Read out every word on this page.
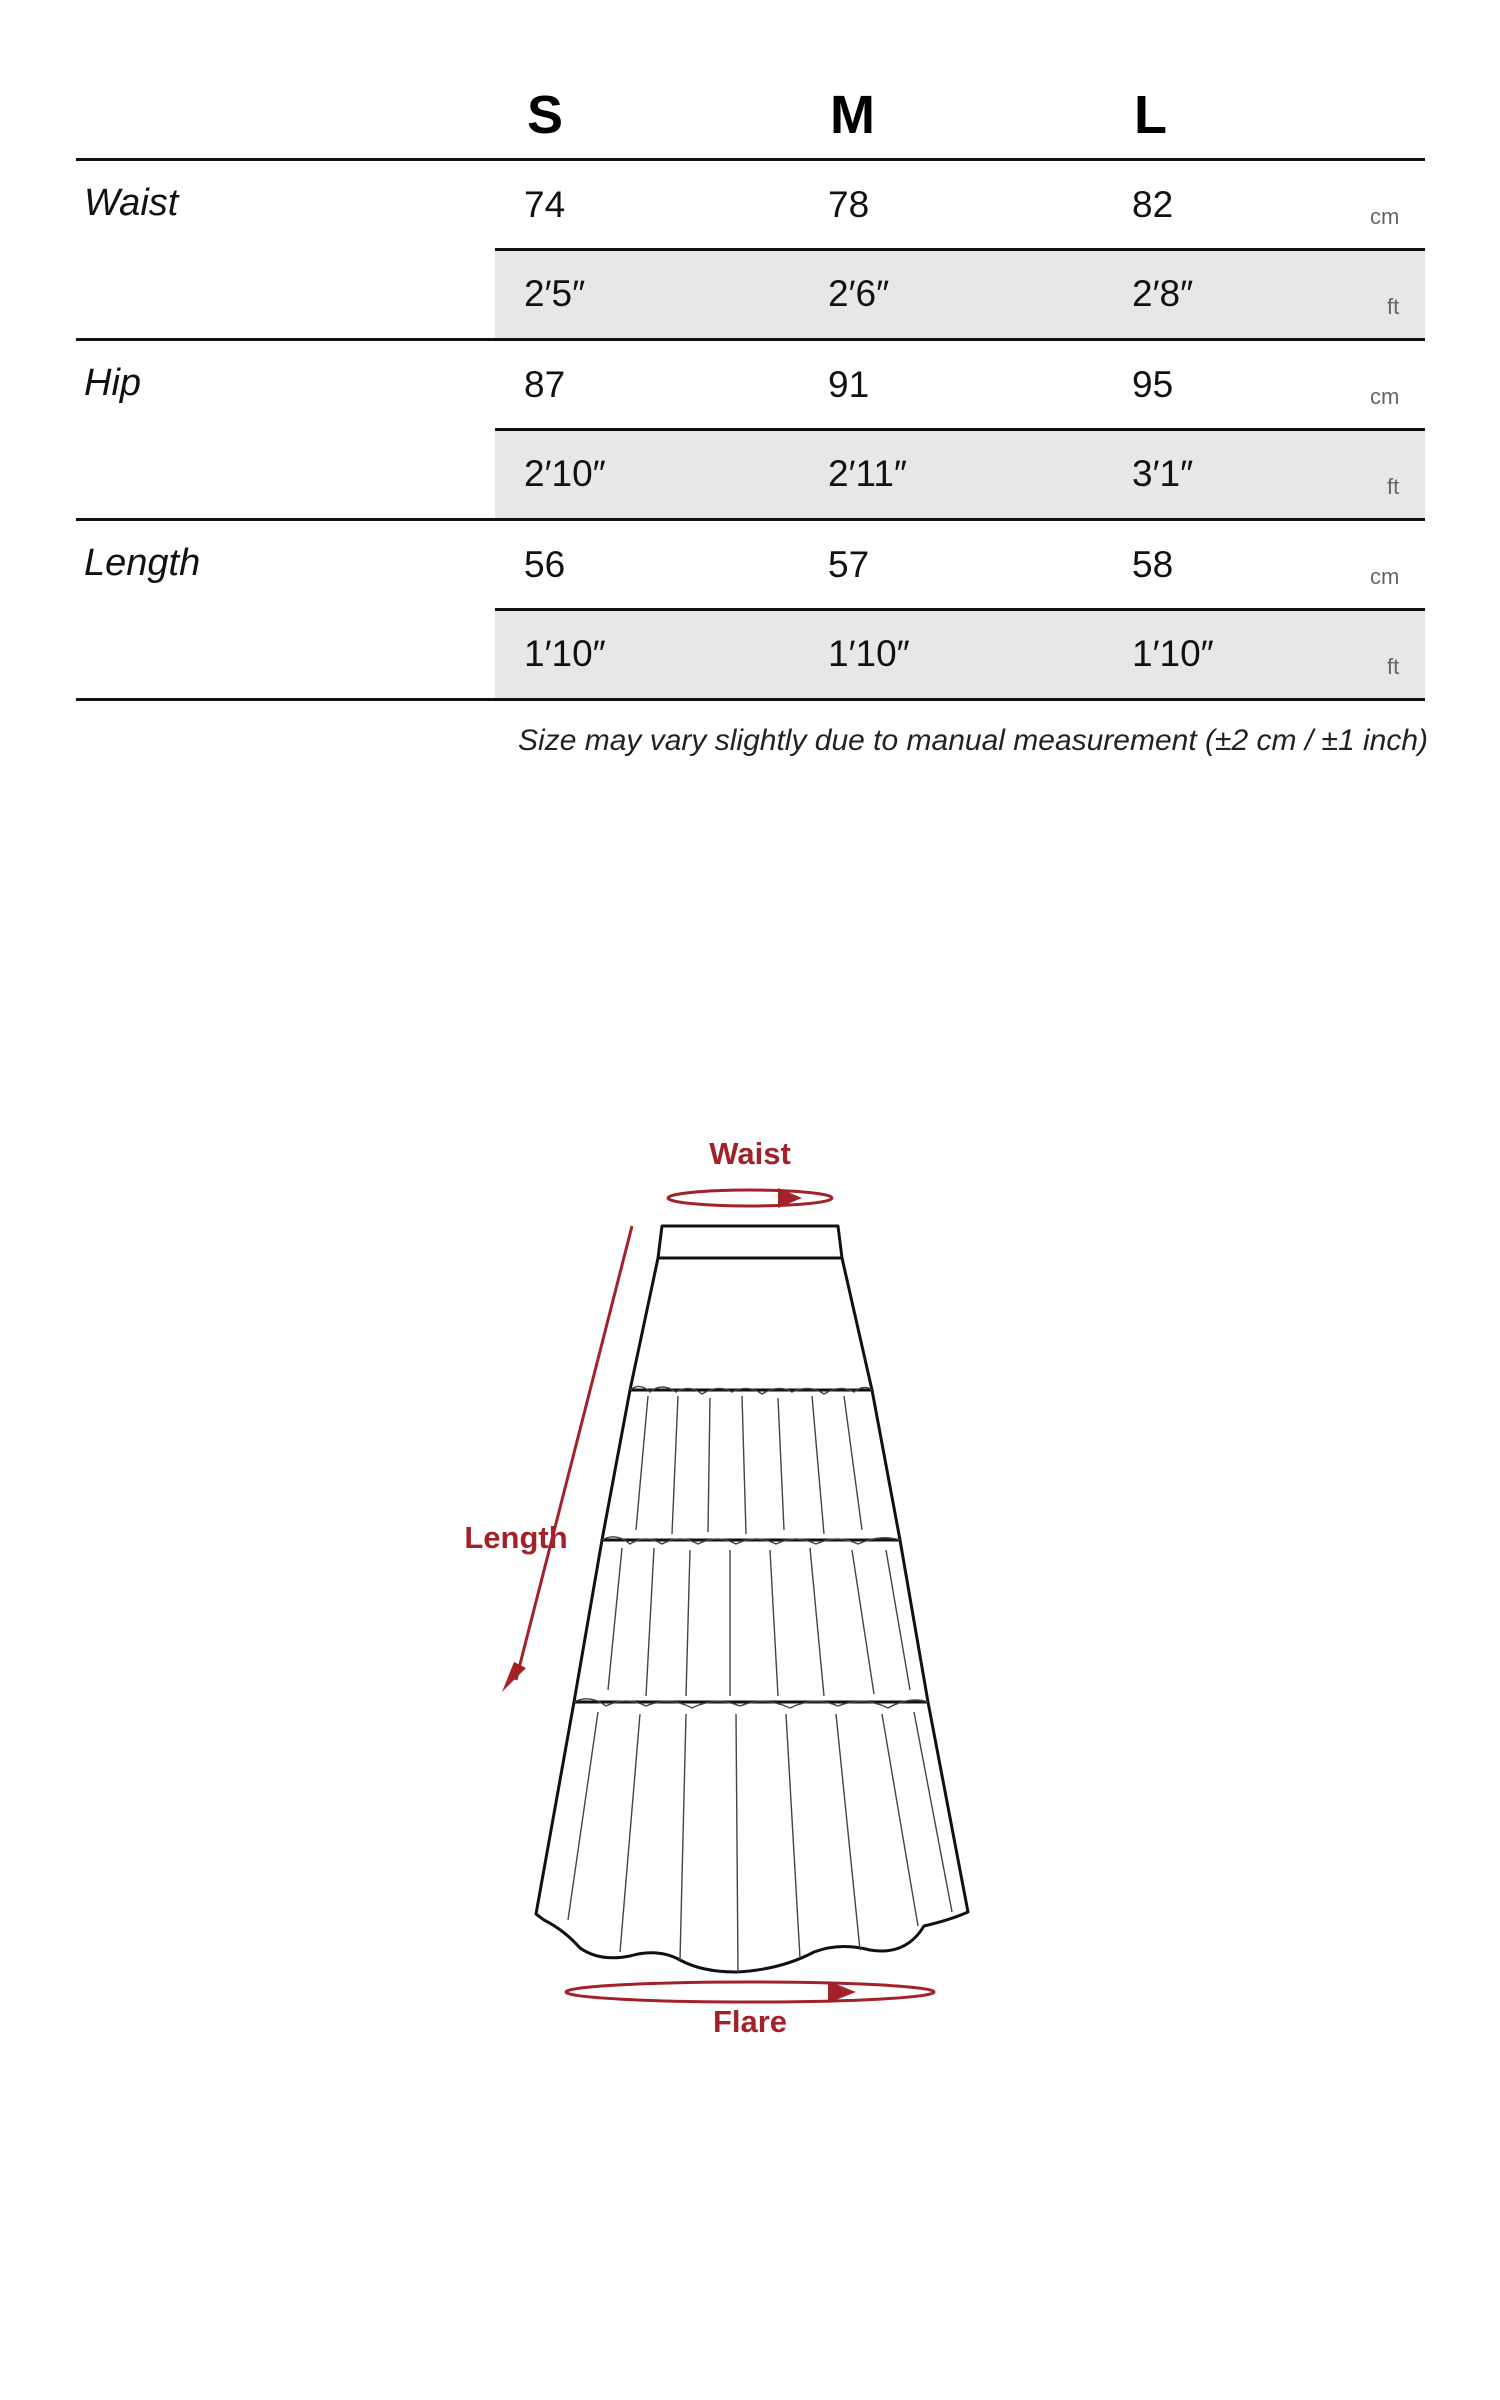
S	M	L
Waist	74	78	82	cm
2′5″	2′6″	2′8″	ft
Hip	87	91	95	cm
2′10″	2′11″	3′1″	ft
Length	56	57	58	cm
1′10″	1′10″	1′10″	ft
Size may vary slightly due to manual measurement (±2 cm / ±1 inch)
Waist
Length
Flare
